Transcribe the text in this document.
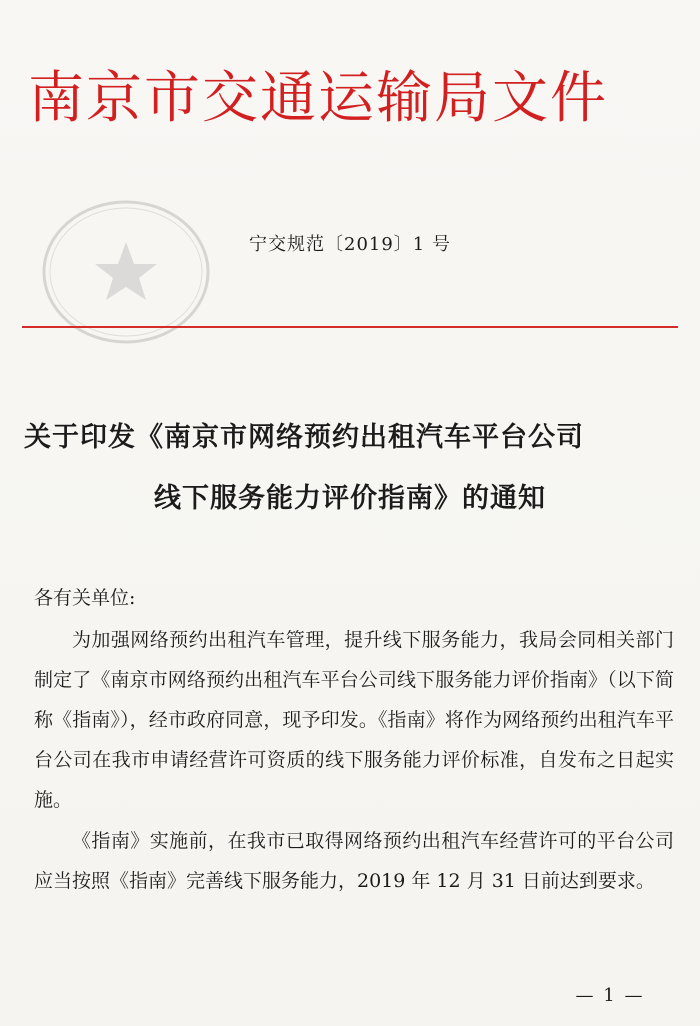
南京市交通运输局文件
宁交规范〔2019〕1 号
关于印发《南京市网络预约出租汽车平台公司
线下服务能力评价指南》的通知
各有关单位:

为加强网络预约出租汽车管理，提升线下服务能力，我局会同相关部门制定了《南京市网络预约出租汽车平台公司线下服务能力评价指南》（以下简称《指南》），经市政府同意，现予印发。《指南》将作为网络预约出租汽车平台公司在我市申请经营许可资质的线下服务能力评价标准，自发布之日起实施。

《指南》实施前，在我市已取得网络预约出租汽车经营许可的平台公司应当按照《指南》完善线下服务能力，2019 年 12 月 31 日前达到要求。

— 1 —
